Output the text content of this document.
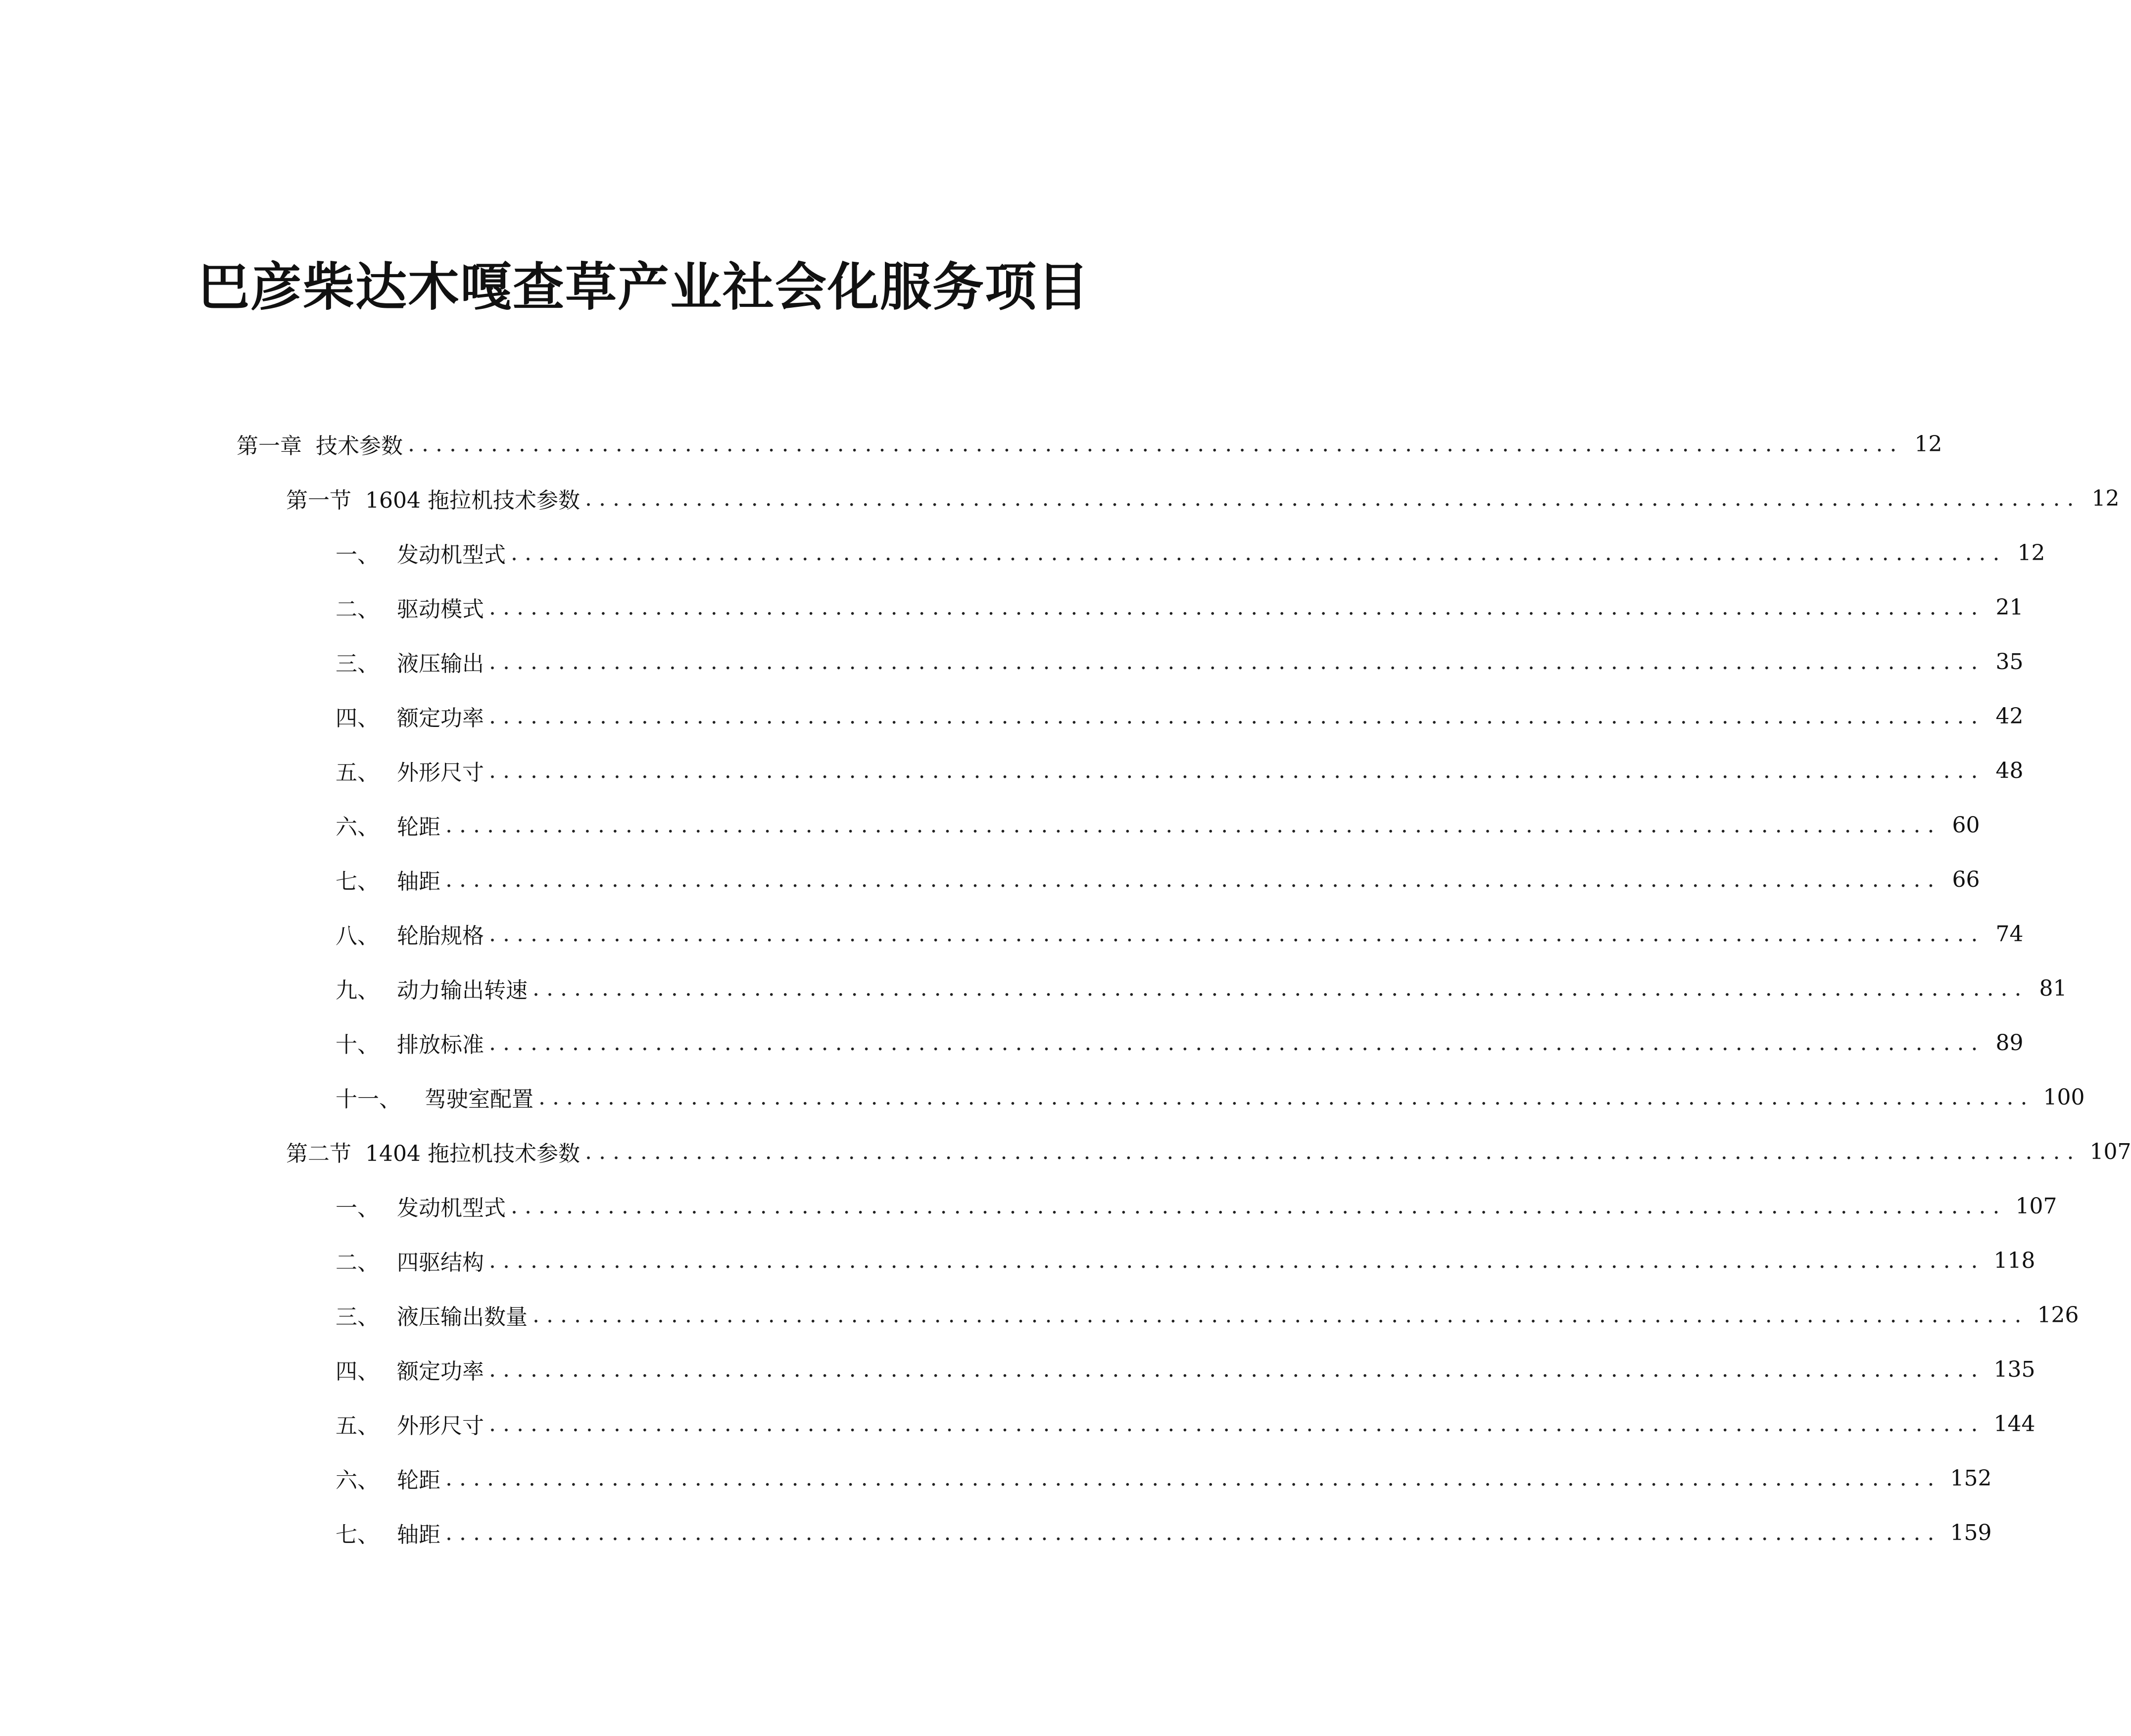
巴彦柴达木嘎查草产业社会化服务项目
第一章 技术参数 ............................................................................................................ 12
第一节 1604 拖拉机技术参数 ............................................................................................................ 12
一、 发动机型式 ............................................................................................................ 12
二、 驱动模式 ............................................................................................................ 21
三、 液压输出 ............................................................................................................ 35
四、 额定功率 ............................................................................................................ 42
五、 外形尺寸 ............................................................................................................ 48
六、 轮距 ............................................................................................................ 60
七、 轴距 ............................................................................................................ 66
八、 轮胎规格 ............................................................................................................ 74
九、 动力输出转速 ............................................................................................................ 81
十、 排放标准 ............................................................................................................ 89
十一、	驾驶室配置 ............................................................................................................ 100
第二节 1404 拖拉机技术参数 ............................................................................................................ 107
一、 发动机型式 ............................................................................................................ 107
二、 四驱结构 ............................................................................................................ 118
三、 液压输出数量 ............................................................................................................ 126
四、 额定功率 ............................................................................................................ 135
五、 外形尺寸 ............................................................................................................ 144
六、 轮距 ............................................................................................................ 152
七、 轴距 ............................................................................................................ 159
